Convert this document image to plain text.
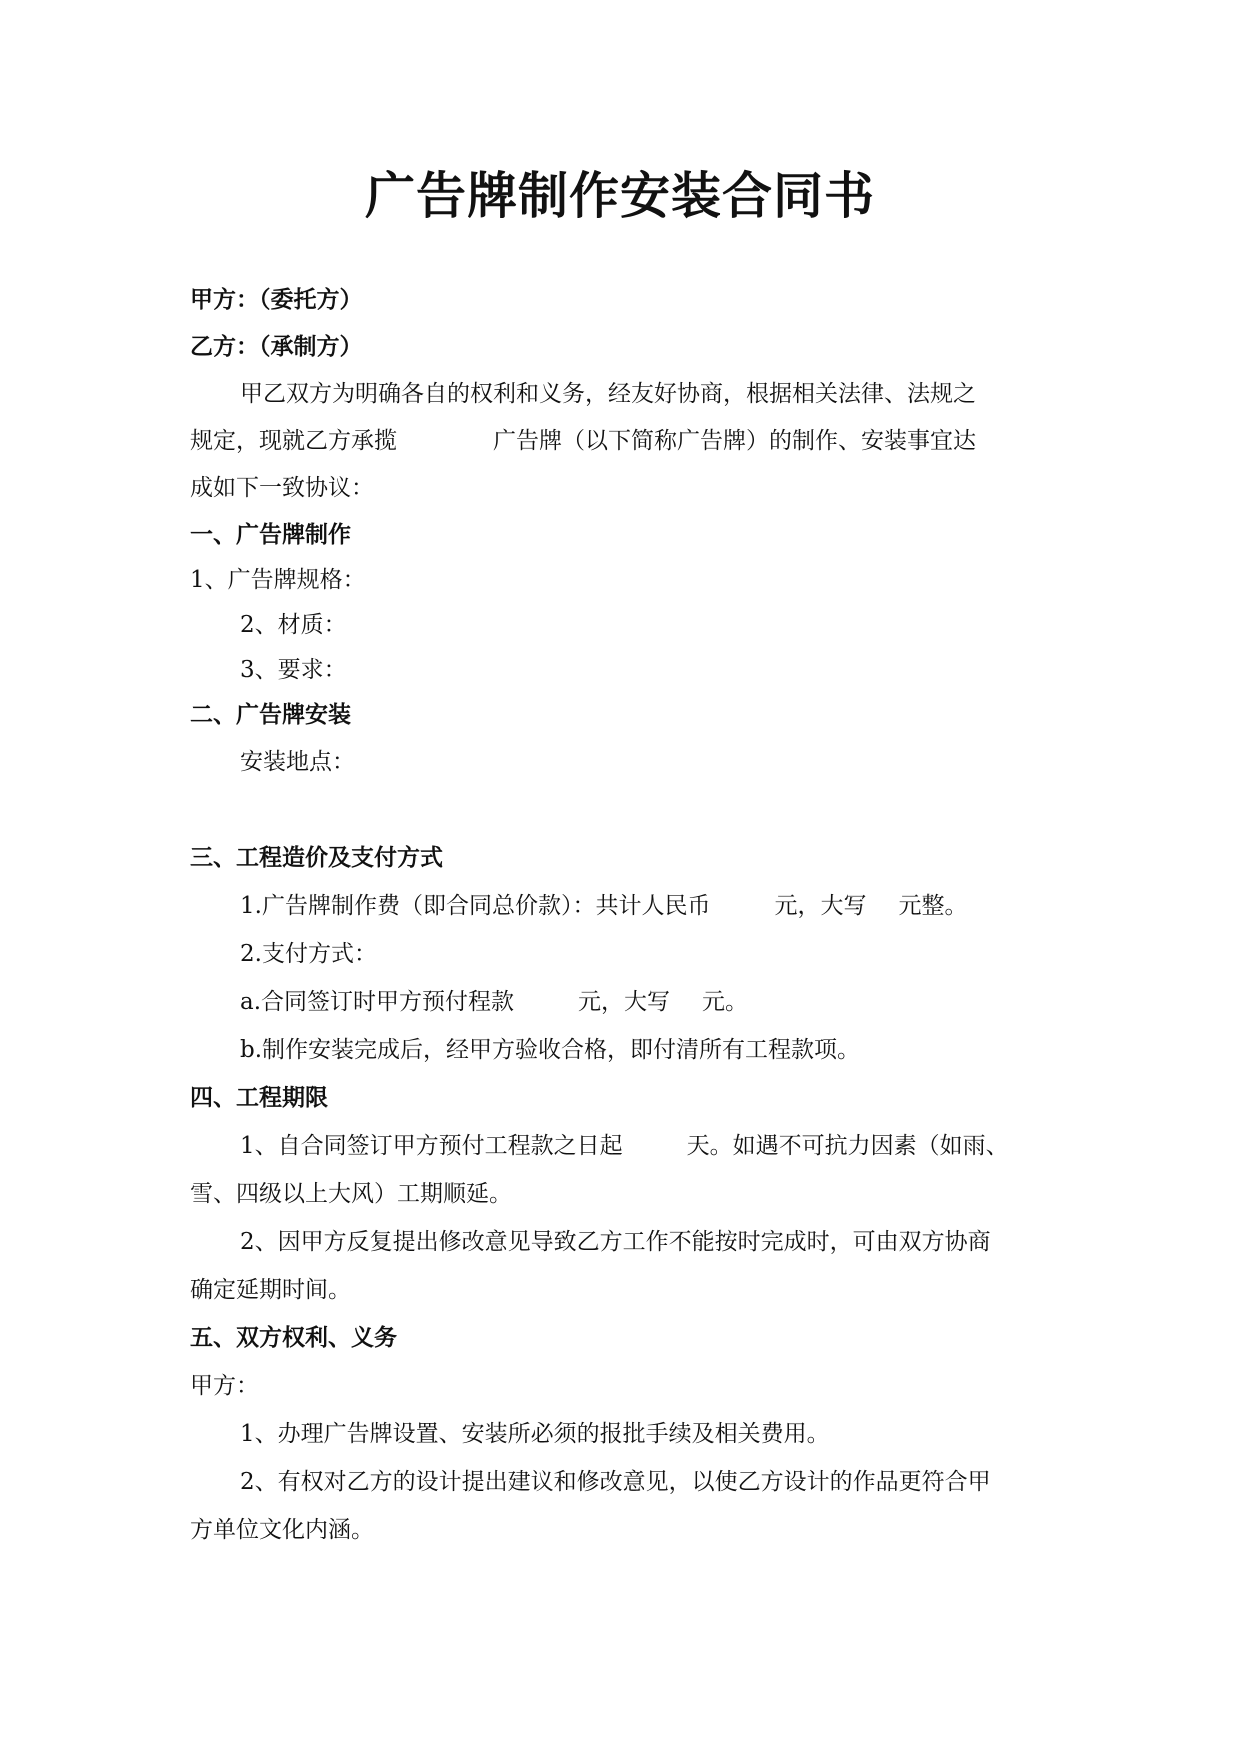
广告牌制作安装合同书
甲方：（委托方）
乙方：（承制方）
甲乙双方为明确各自的权利和义务，经友好协商，根据相关法律、法规之
规定，现就乙方承揽	广告牌（以下简称广告牌）的制作、安装事宜达
成如下一致协议：
一、广告牌制作
1、广告牌规格：
2、材质：
3、要求：
二、广告牌安装
安装地点：
三、工程造价及支付方式
1.广告牌制作费（即合同总价款）：共计人民币	元，大写 元整。
2.支付方式：
a.合同签订时甲方预付程款	元，大写 元。
b.制作安装完成后，经甲方验收合格，即付清所有工程款项。
四、工程期限
1、自合同签订甲方预付工程款之日起	天。如遇不可抗力因素（如雨、
雪、四级以上大风）工期顺延。
2、因甲方反复提出修改意见导致乙方工作不能按时完成时，可由双方协商
确定延期时间。
五、双方权利、义务
甲方：
1、办理广告牌设置、安装所必须的报批手续及相关费用。
2、有权对乙方的设计提出建议和修改意见，以使乙方设计的作品更符合甲
方单位文化内涵。
